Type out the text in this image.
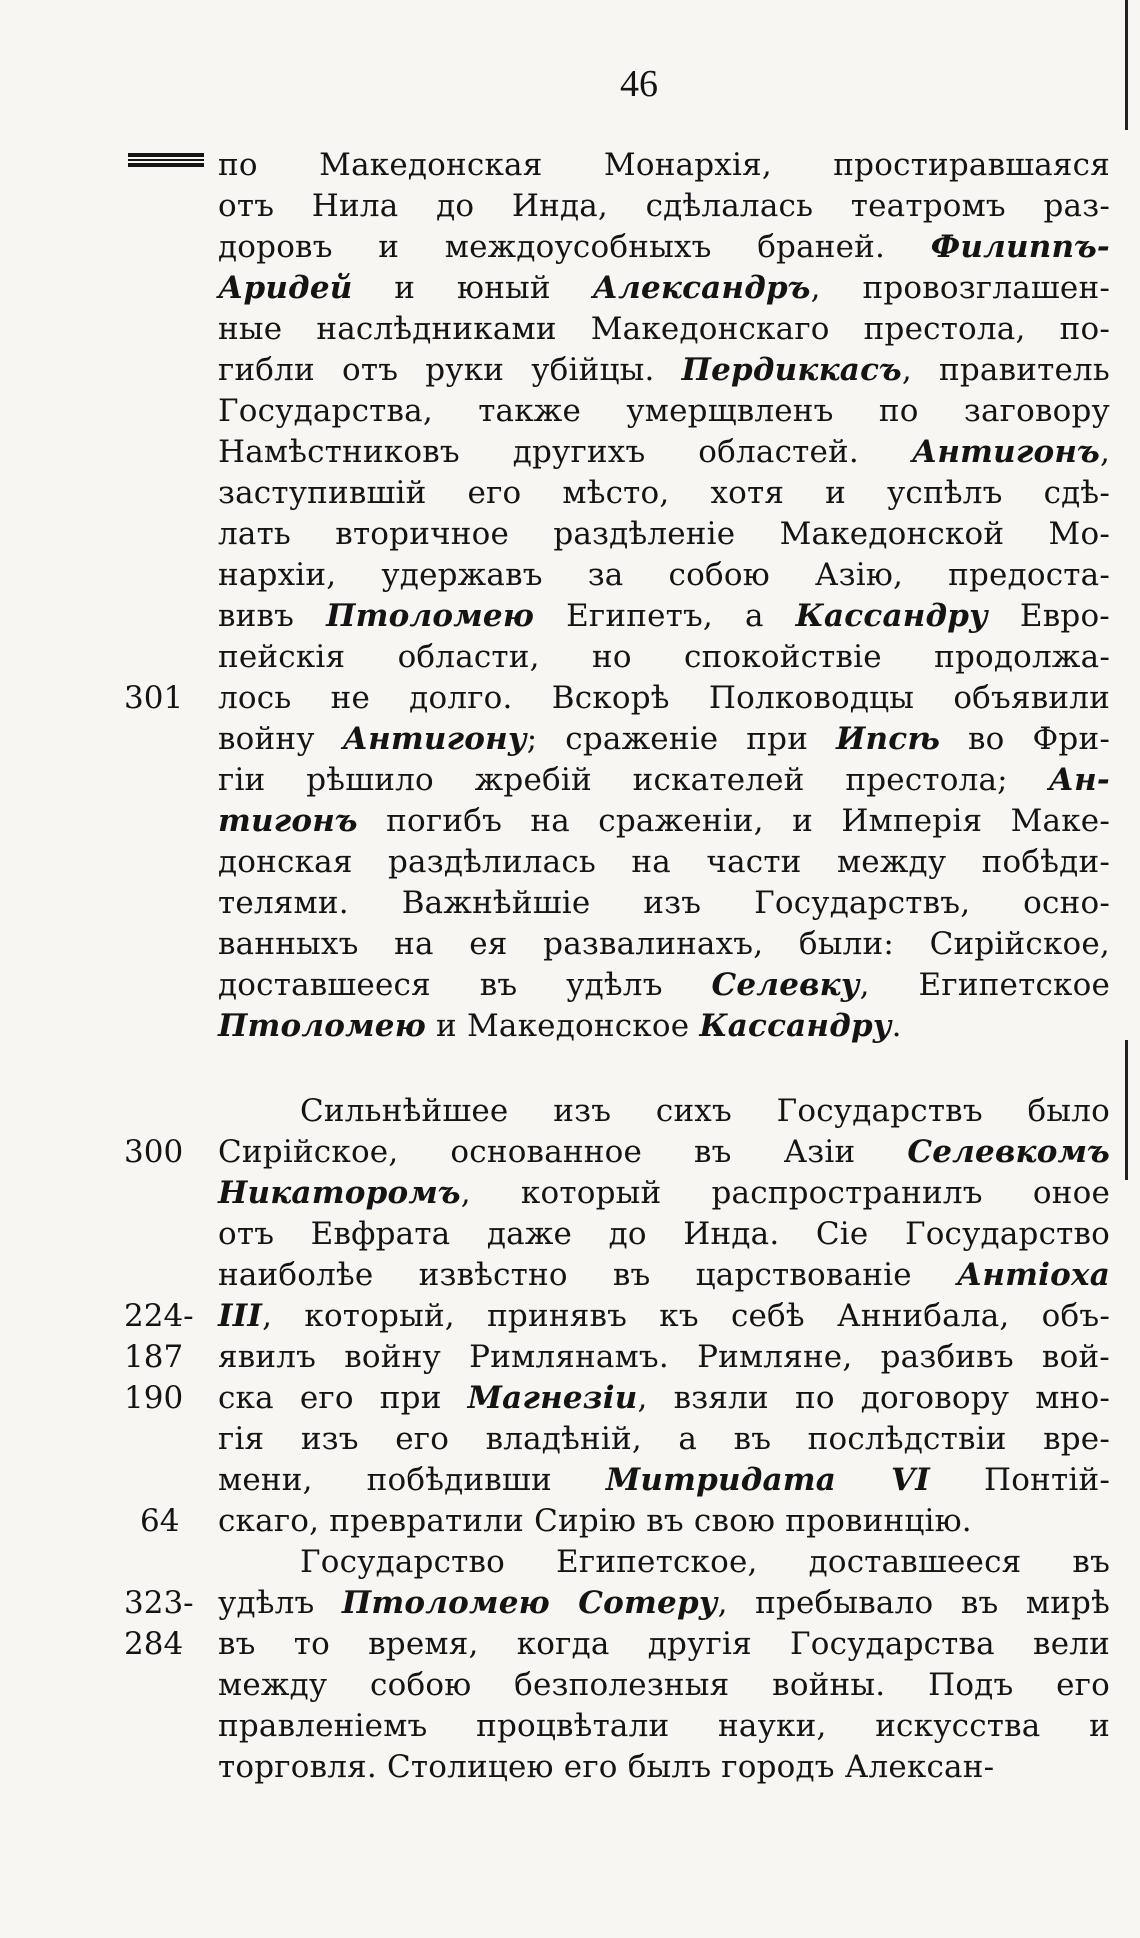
46
по Македонская Монархія, простиравшаяся
отъ Нила до Инда, сдѣлалась театромъ раз-
доровъ и междоусобныхъ браней. Филиппъ-
Аридей и юный Александръ, провозглашен-
ные наслѣдниками Македонскаго престола, по-
гибли отъ руки убійцы. Пердиккасъ, правитель
Государства, также умерщвленъ по заговору
Намѣстниковъ другихъ областей. Антигонъ,
заступившій его мѣсто, хотя и успѣлъ сдѣ-
лать вторичное раздѣленіе Македонской Мо-
нархіи, удержавъ за собою Азію, предоста-
вивъ Птоломею Египетъ, а Кассандру Евро-
пейскія области, но спокойствіе продолжа-
лось не долго. Вскорѣ Полководцы объявили
войну Антигону; сраженіе при Ипсѣ во Фри-
гіи рѣшило жребій искателей престола; Ан-
тигонъ погибъ на сраженіи, и Имперія Маке-
донская раздѣлилась на части между побѣди-
телями. Важнѣйшіе изъ Государствъ, осно-
ванныхъ на ея развалинахъ, были: Сирійское,
доставшееся въ удѣлъ Селевку, Египетское
Птоломею и Македонское Кассандру.
Сильнѣйшее изъ сихъ Государствъ было
Сирійское, основанное въ Азіи Селевкомъ
Никаторомъ, который распространилъ оное
отъ Евфрата даже до Инда. Сіе Государство
наиболѣе извѣстно въ царствованіе Антіоха
III, который, принявъ къ себѣ Аннибала, объ-
явилъ войну Римлянамъ. Римляне, разбивъ вой-
ска его при Магнезіи, взяли по договору мно-
гія изъ его владѣній, а въ послѣдствіи вре-
мени, побѣдивши Митридата VI Понтій-
скаго, превратили Сирію въ свою провинцію.
Государство Египетское, доставшееся въ
удѣлъ Птоломею Сотеру, пребывало въ мирѣ
въ то время, когда другія Государства вели
между собою безполезныя войны. Подъ его
правленіемъ процвѣтали науки, искусства и
торговля. Столицею его былъ городъ Алексан-
301
300
224-
187
190
64
323-
284
